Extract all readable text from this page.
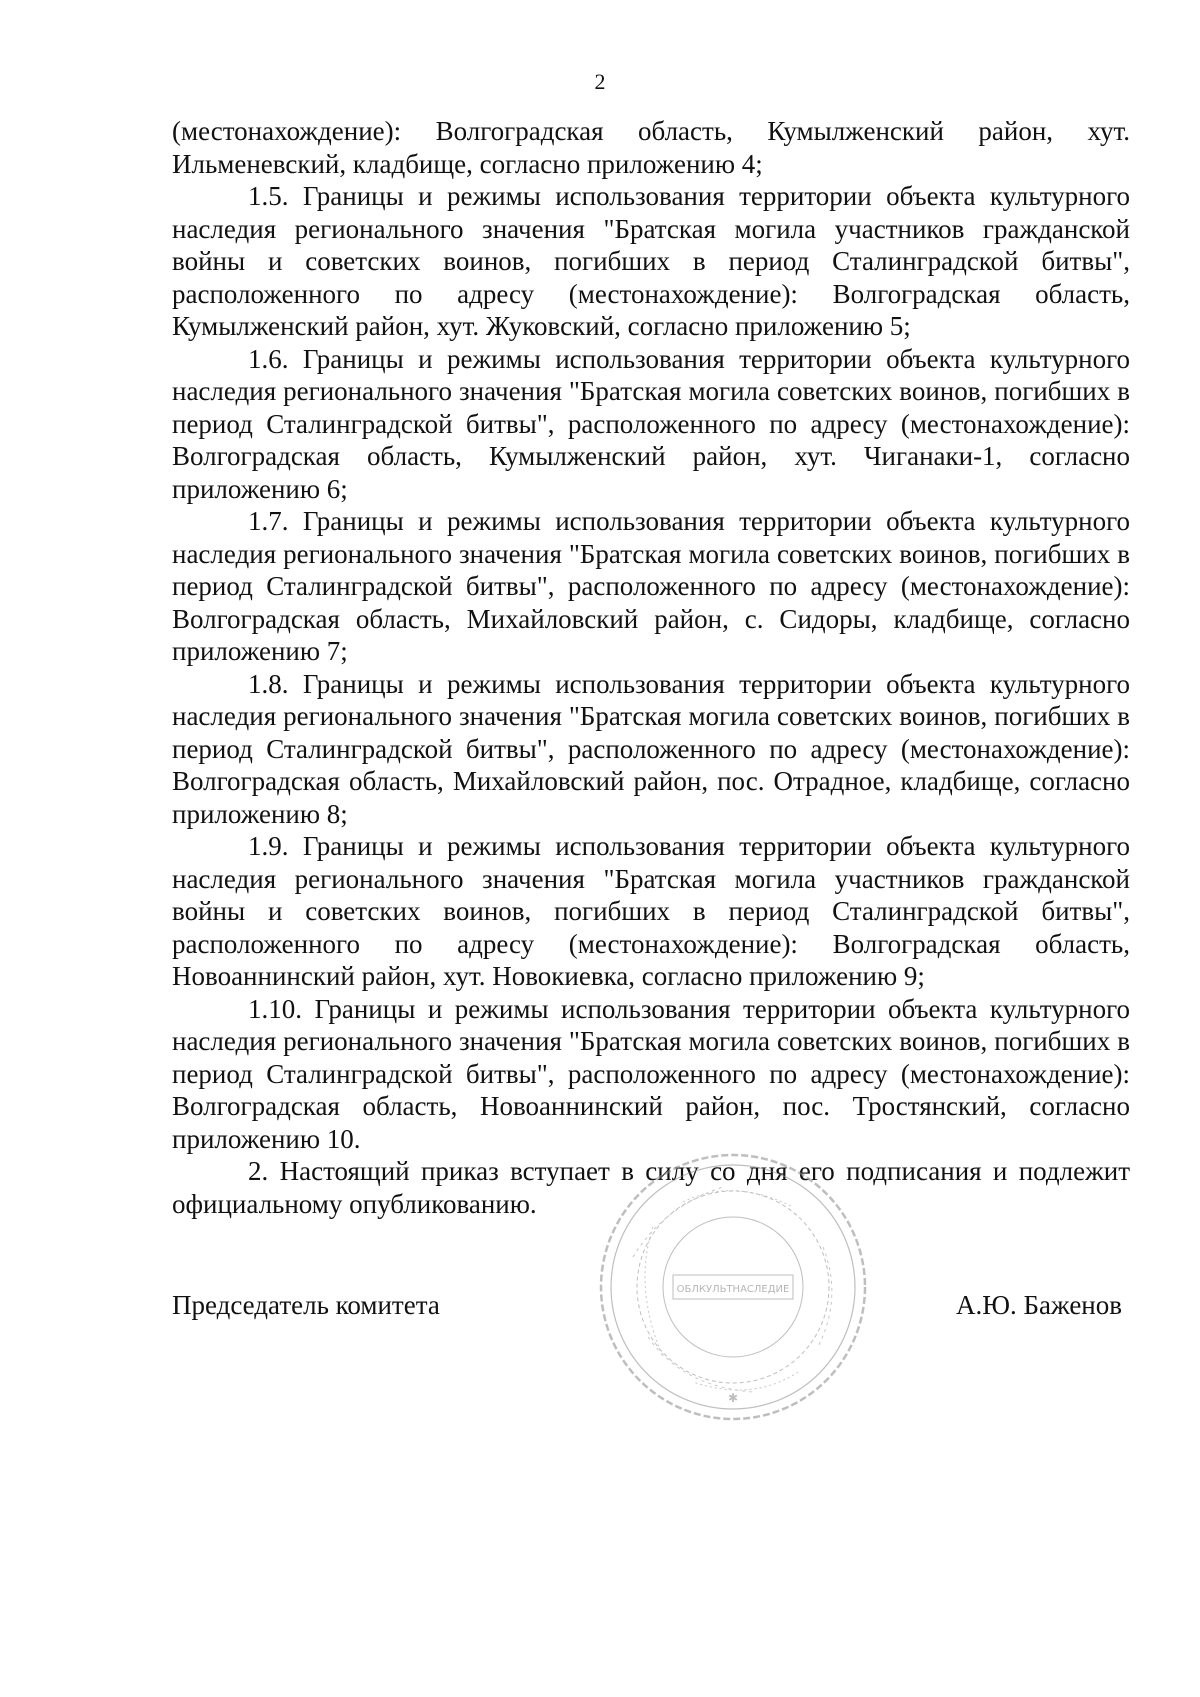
2

(местонахождение): Волгоградская область, Кумылженский район, хут. Ильменевский, кладбище, согласно приложению 4;

1.5. Границы и режимы использования территории объекта культурного наследия регионального значения "Братская могила участников гражданской войны и советских воинов, погибших в период Сталинградской битвы", расположенного по адресу (местонахождение): Волгоградская область, Кумылженский район, хут. Жуковский, согласно приложению 5;

1.6. Границы и режимы использования территории объекта культурного наследия регионального значения "Братская могила советских воинов, погибших в период Сталинградской битвы", расположенного по адресу (местонахождение): Волгоградская область, Кумылженский район, хут. Чиганаки-1, согласно приложению 6;

1.7. Границы и режимы использования территории объекта культурного наследия регионального значения "Братская могила советских воинов, погибших в период Сталинградской битвы", расположенного по адресу (местонахождение): Волгоградская область, Михайловский район, с. Сидоры, кладбище, согласно приложению 7;

1.8. Границы и режимы использования территории объекта культурного наследия регионального значения "Братская могила советских воинов, погибших в период Сталинградской битвы", расположенного по адресу (местонахождение): Волгоградская область, Михайловский район, пос. Отрадное, кладбище, согласно приложению 8;

1.9. Границы и режимы использования территории объекта культурного наследия регионального значения "Братская могила участников гражданской войны и советских воинов, погибших в период Сталинградской битвы", расположенного по адресу (местонахождение): Волгоградская область, Новоаннинский район, хут. Новокиевка, согласно приложению 9;

1.10. Границы и режимы использования территории объекта культурного наследия регионального значения "Братская могила советских воинов, погибших в период Сталинградской битвы", расположенного по адресу (местонахождение): Волгоградская область, Новоаннинский район, пос. Тростянский, согласно приложению 10.

2. Настоящий приказ вступает в силу со дня его подписания и подлежит официальному опубликованию.

ОБЛКУЛЬТНАСЛЕДИЕ
✱
Председатель комитета	А.Ю. Баженов
